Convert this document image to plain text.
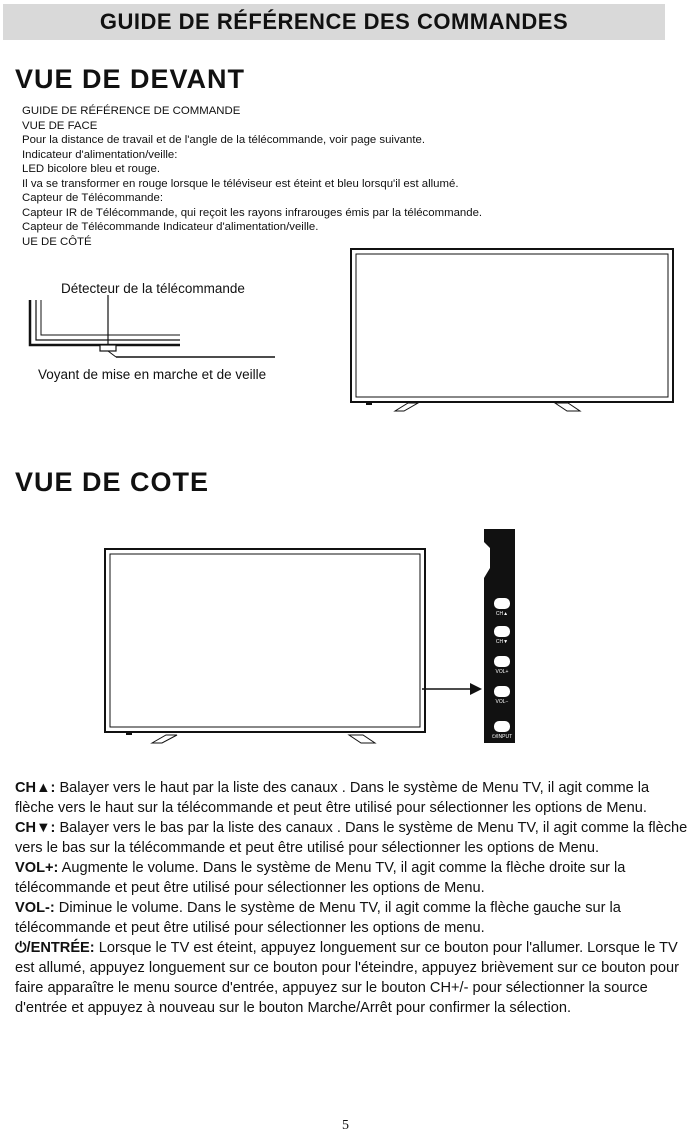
GUIDE DE RÉFÉRENCE DES COMMANDES
VUE DE DEVANT
GUIDE DE RÉFÉRENCE DE COMMANDE
VUE DE FACE
Pour la distance de travail et de l'angle de la télécommande, voir page suivante.
Indicateur d'alimentation/veille:
LED bicolore bleu et rouge.
Il va se transformer en rouge lorsque le téléviseur est éteint et bleu lorsqu'il est allumé.
Capteur de Télécommande:
Capteur IR de Télécommande, qui reçoit les rayons infrarouges émis par la télécommande.
Capteur de Télécommande Indicateur d'alimentation/veille.
UE DE CÔTÉ
Détecteur de la télécommande
Voyant de mise en marche et de veille
VUE DE COTE
CH▲
CH▼
VOL+
VOL−
⏻/INPUT

CH▲: Balayer vers le haut par la liste des canaux . Dans le système de Menu TV, il agit comme la flèche vers le haut sur la télécommande et peut être utilisé pour sélectionner les options de Menu.

CH▼: Balayer vers le bas par la liste des canaux . Dans le système de Menu TV, il agit comme la flèche vers le bas sur la télécommande et peut être utilisé pour sélectionner les options de Menu.

VOL+: Augmente le volume. Dans le système de Menu TV, il agit comme la flèche droite sur la télécommande et peut être utilisé pour sélectionner les options de Menu.

VOL-: Diminue le volume. Dans le système de Menu TV, il agit comme la flèche gauche sur la télécommande et peut être utilisé pour sélectionner les options de menu.

⏻/ENTRÉE: Lorsque le TV est éteint, appuyez longuement sur ce bouton pour l'allumer. Lorsque le TV est allumé, appuyez longuement sur ce bouton pour l'éteindre, appuyez brièvement sur ce bouton pour faire apparaître le menu source d'entrée, appuyez sur le bouton CH+/- pour sélectionner la source d'entrée et appuyez à nouveau sur le bouton Marche/Arrêt pour confirmer la sélection.

5
